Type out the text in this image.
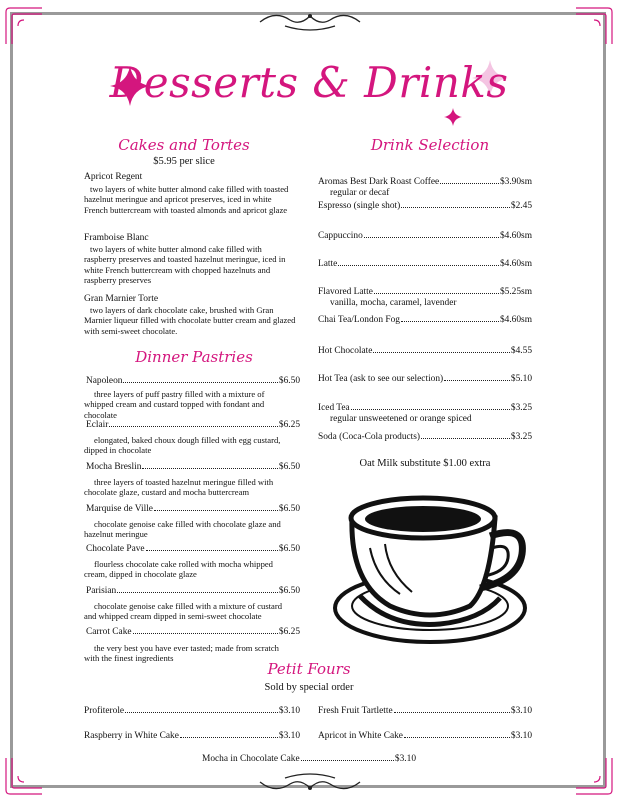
Desserts & Drinks
Cakes and Tortes
$5.95 per slice
Apricot Regent
two layers of white butter almond cake filled with toasted hazelnut meringue and apricot preserves, iced in white French buttercream with toasted almonds and apricot glaze
Framboise Blanc
two layers of white butter almond cake filled with raspberry preserves and toasted hazelnut meringue, iced in white French buttercream with chopped hazelnuts and raspberry preserves
Gran Marnier Torte
two layers of dark chocolate cake, brushed with Gran Marnier liqueur filled with chocolate butter cream and glazed with semi-sweet chocolate.
Dinner Pastries
Napoleon	$6.50
three layers of puff pastry filled with a mixture of whipped cream and custard topped with fondant and chocolate
Eclair	$6.25
elongated, baked choux dough filled with egg custard, dipped in chocolate
Mocha Breslin	$6.50
three layers of toasted hazelnut meringue filled with chocolate glaze, custard and mocha buttercream
Marquise de Ville	$6.50
chocolate genoise cake filled with chocolate glaze and hazelnut meringue
Chocolate Pave	$6.50
flourless chocolate cake rolled with mocha whipped cream, dipped in chocolate glaze
Parisian	$6.50
chocolate genoise cake filled with a mixture of custard and whipped cream dipped in semi-sweet chocolate
Carrot Cake	$6.25
the very best you have ever tasted; made from scratch with the finest ingredients
Drink Selection
Aromas Best Dark Roast Coffee	$3.90sm
regular or decaf
Espresso (single shot)	$2.45
Cappuccino	$4.60sm
Latte	$4.60sm
Flavored Latte	$5.25sm
vanilla, mocha, caramel, lavender
Chai Tea/London Fog	$4.60sm
Hot Chocolate	$4.55
Hot Tea (ask to see our selection)	$5.10
Iced Tea	$3.25
regular unsweetened or orange spiced
Soda (Coca-Cola products)	$3.25
Oat Milk substitute $1.00 extra
Petit Fours
Sold by special order
Profiterole	$3.10 Fresh Fruit Tartlette	$3.10
Raspberry in White Cake	$3.10 Apricot in White Cake	$3.10
Mocha in Chocolate Cake	$3.10
